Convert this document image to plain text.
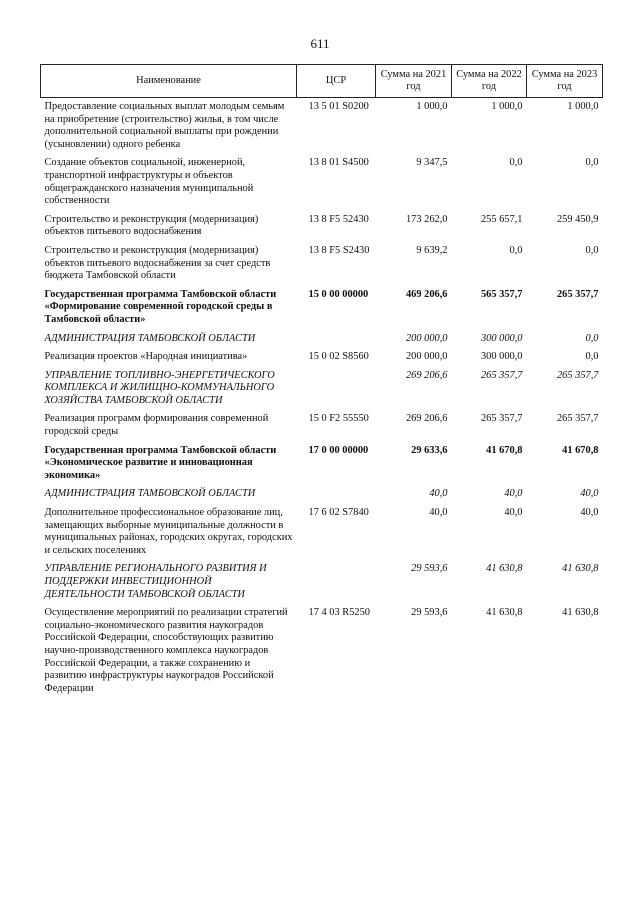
611
Наименование	ЦСР	Сумма на 2021 год	Сумма на 2022 год	Сумма на 2023 год
Предоставление социальных выплат молодым семьям на приобретение (строительство) жилья, в том числе дополнительной социальной выплаты при рождении (усыновлении) одного ребенка	13 5 01 S0200	1 000,0	1 000,0	1 000,0
Создание объектов социальной, инженерной, транспортной инфраструктуры и объектов общегражданского назначения муниципальной собственности	13 8 01 S4500	9 347,5	0,0	0,0
Строительство и реконструкция (модернизация) объектов питьевого водоснабжения	13 8 F5 52430	173 262,0	255 657,1	259 450,9
Строительство и реконструкция (модернизация) объектов питьевого водоснабжения за счет средств бюджета Тамбовской области	13 8 F5 S2430	9 639,2	0,0	0,0
Государственная программа Тамбовской области «Формирование современной городской среды в Тамбовской области»	15 0 00 00000	469 206,6	565 357,7	265 357,7
АДМИНИСТРАЦИЯ ТАМБОВСКОЙ ОБЛАСТИ		200 000,0	300 000,0	0,0
Реализация проектов «Народная инициатива»	15 0 02 S8560	200 000,0	300 000,0	0,0
УПРАВЛЕНИЕ ТОПЛИВНО-ЭНЕРГЕТИЧЕСКОГО КОМПЛЕКСА И ЖИЛИЩНО-КОММУНАЛЬНОГО ХОЗЯЙСТВА ТАМБОВСКОЙ ОБЛАСТИ		269 206,6	265 357,7	265 357,7
Реализация программ формирования современной городской среды	15 0 F2 55550	269 206,6	265 357,7	265 357,7
Государственная программа Тамбовской области «Экономическое развитие и инновационная экономика»	17 0 00 00000	29 633,6	41 670,8	41 670,8
АДМИНИСТРАЦИЯ ТАМБОВСКОЙ ОБЛАСТИ		40,0	40,0	40,0
Дополнительное профессиональное образование лиц, замещающих выборные муниципальные должности в муниципальных районах, городских округах, городских и сельских поселениях	17 6 02 S7840	40,0	40,0	40,0
УПРАВЛЕНИЕ РЕГИОНАЛЬНОГО РАЗВИТИЯ И ПОДДЕРЖКИ ИНВЕСТИЦИОННОЙ ДЕЯТЕЛЬНОСТИ ТАМБОВСКОЙ ОБЛАСТИ		29 593,6	41 630,8	41 630,8
Осуществление мероприятий по реализации стратегий социально-экономического развития наукоградов Российской Федерации, способствующих развитию научно-производственного комплекса наукоградов Российской Федерации, а также сохранению и развитию инфраструктуры наукоградов Российской Федерации	17 4 03 R5250	29 593,6	41 630,8	41 630,8
